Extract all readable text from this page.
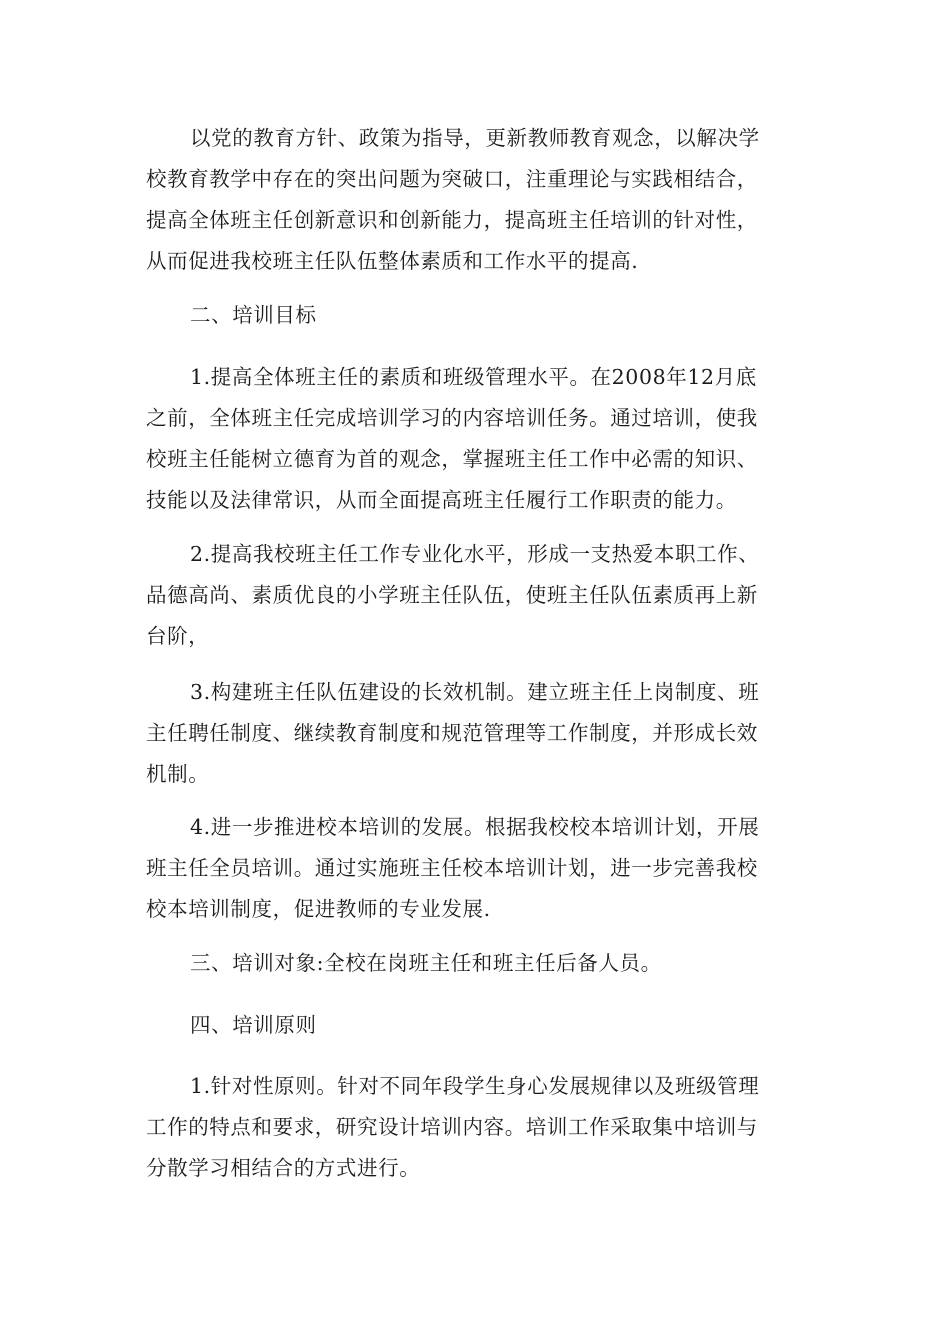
以党的教育方针、政策为指导，更新教师教育观念，以解决学
校教育教学中存在的突出问题为突破口，注重理论与实践相结合，
提高全体班主任创新意识和创新能力，提高班主任培训的针对性，
从而促进我校班主任队伍整体素质和工作水平的提高.
二、培训目标
1.提高全体班主任的素质和班级管理水平。在2008年12月底
之前，全体班主任完成培训学习的内容培训任务。通过培训，使我
校班主任能树立德育为首的观念，掌握班主任工作中必需的知识、
技能以及法律常识，从而全面提高班主任履行工作职责的能力。
2.提高我校班主任工作专业化水平，形成一支热爱本职工作、
品德高尚、素质优良的小学班主任队伍，使班主任队伍素质再上新
台阶，
3.构建班主任队伍建设的长效机制。建立班主任上岗制度、班
主任聘任制度、继续教育制度和规范管理等工作制度，并形成长效
机制。
4.进一步推进校本培训的发展。根据我校校本培训计划，开展
班主任全员培训。通过实施班主任校本培训计划，进一步完善我校
校本培训制度，促进教师的专业发展.
三、培训对象:全校在岗班主任和班主任后备人员。
四、培训原则
1.针对性原则。针对不同年段学生身心发展规律以及班级管理
工作的特点和要求，研究设计培训内容。培训工作采取集中培训与
分散学习相结合的方式进行。
